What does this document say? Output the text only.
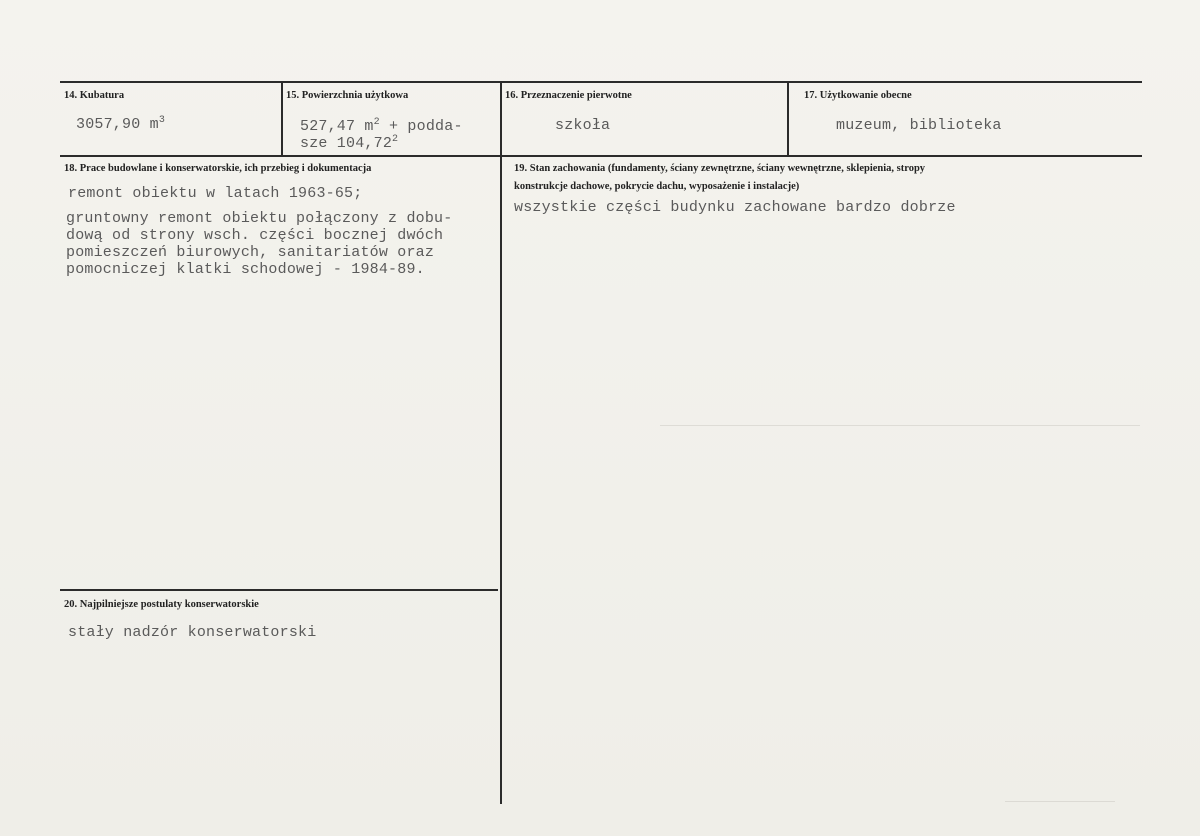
14. Kubatura
3057,90 $m^3$
15. Powierzchnia użytkowa
527,47 $m^2$ + podda-
sze 104,72$^2$
16. Przeznaczenie pierwotne
szkoła
17. Użytkowanie obecne
muzeum, biblioteka
18. Prace budowlane i konserwatorskie, ich przebieg i dokumentacja
remont obiektu w latach 1963-65;
gruntowny remont obiektu połączony z dobu-
dową od strony wsch. części bocznej dwóch
pomieszczeń biurowych, sanitariatów oraz
pomocniczej klatki schodowej - 1984-89.
19. Stan zachowania (fundamenty, ściany zewnętrzne, ściany wewnętrzne, sklepienia, stropy
konstrukcje dachowe, pokrycie dachu, wyposażenie i instalacje)
wszystkie części budynku zachowane bardzo dobrze
20. Najpilniejsze postulaty konserwatorskie
stały nadzór konserwatorski
